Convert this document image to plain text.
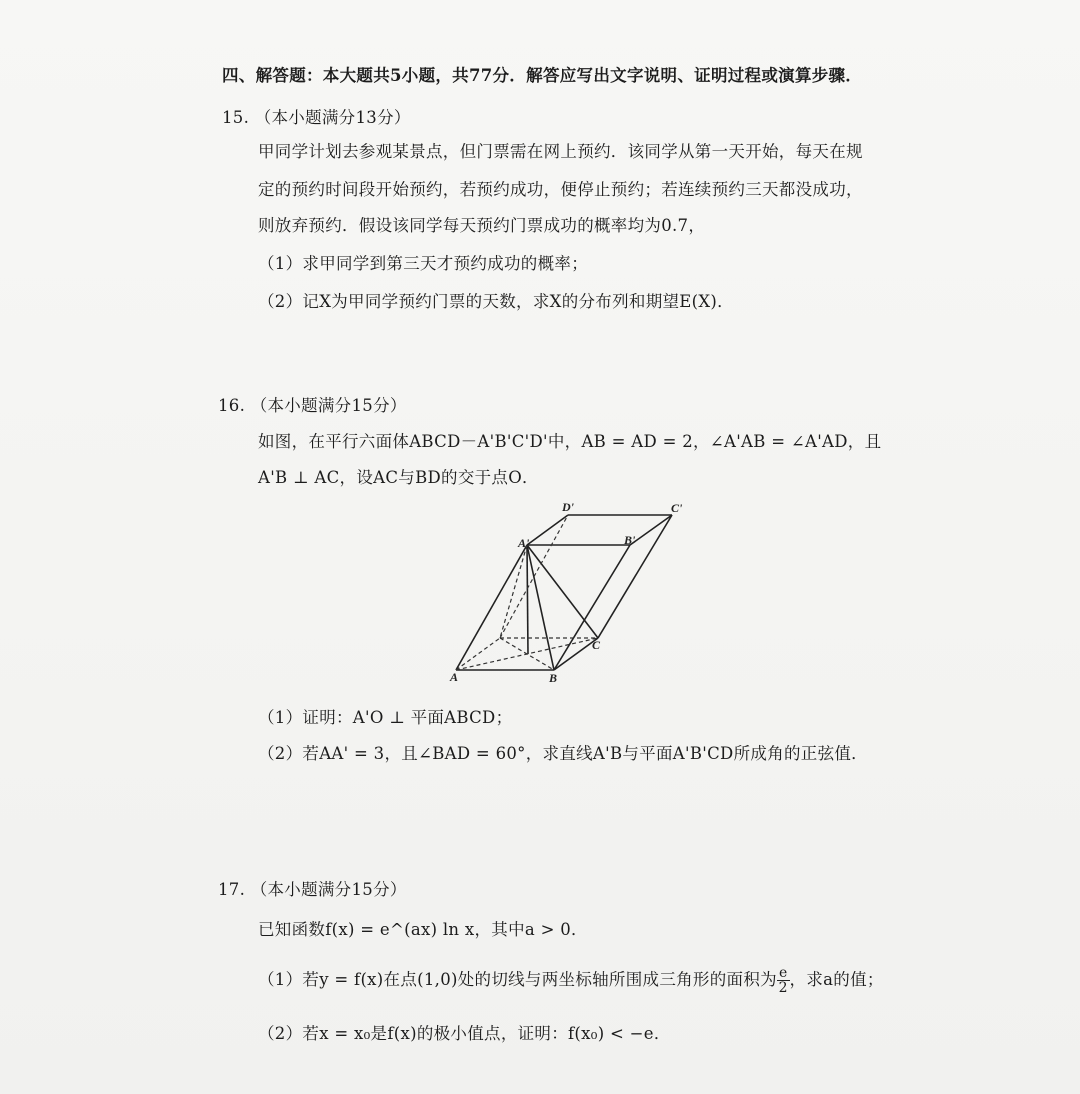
四、解答题：本大题共5小题，共77分．解答应写出文字说明、证明过程或演算步骤．
15. （本小题满分13分）
甲同学计划去参观某景点，但门票需在网上预约．该同学从第一天开始，每天在规
定的预约时间段开始预约，若预约成功，便停止预约；若连续预约三天都没成功，
则放弃预约．假设该同学每天预约门票成功的概率均为0.7，
（1）求甲同学到第三天才预约成功的概率；
（2）记X为甲同学预约门票的天数，求X的分布列和期望E(X)．
16. （本小题满分15分）
如图，在平行六面体ABCD－A'B'C'D'中，AB = AD = 2，∠A'AB = ∠A'AD，且
A'B ⊥ AC，设AC与BD的交于点O．
D'	C'
A'	B'
A	B
C
（1）证明：A'O ⊥ 平面ABCD；
（2）若AA' = 3，且∠BAD = 60°，求直线A'B与平面A'B'CD所成角的正弦值．
17. （本小题满分15分）
已知函数f(x) = e^(ax) ln x，其中a > 0．
（1）若y = f(x)在点(1,0)处的切线与两坐标轴所围成三角形的面积为 $\frac{e}{2}$ ，求a的值；
（2）若x = x₀是f(x)的极小值点，证明：f(x₀) < −e．
